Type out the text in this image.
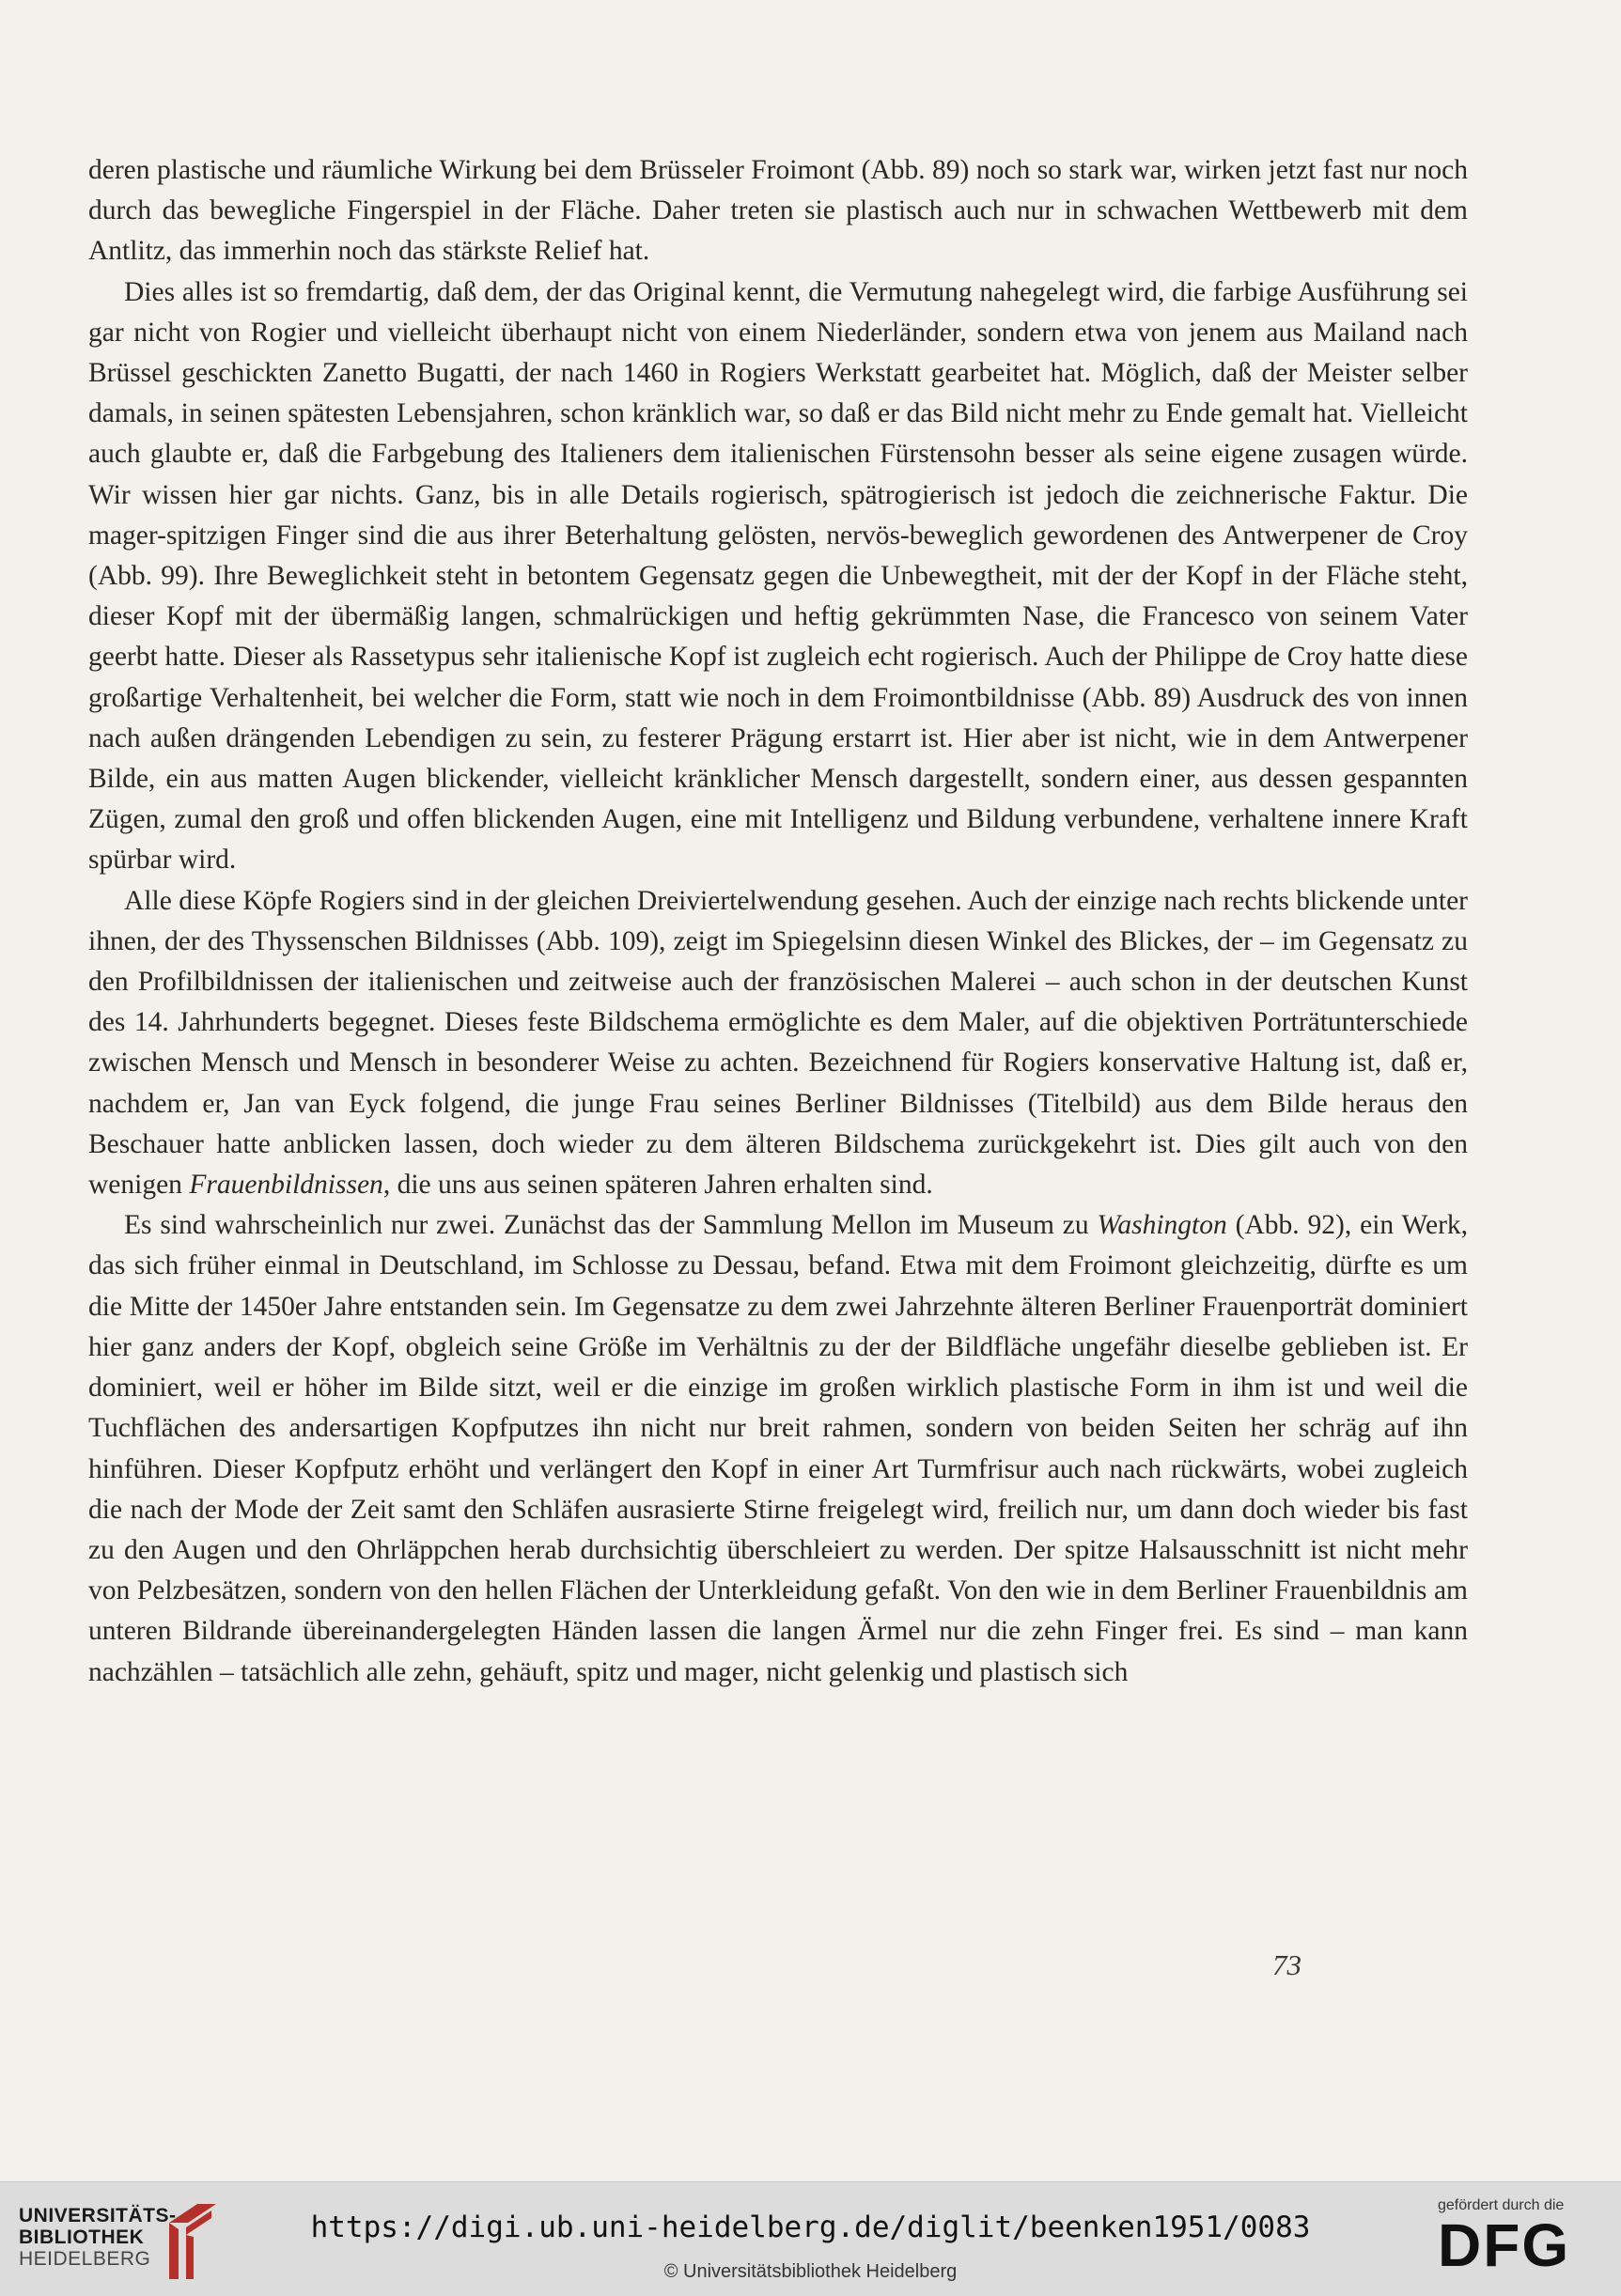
deren plastische und räumliche Wirkung bei dem Brüsseler Froimont (Abb. 89) noch so stark war, wirken jetzt fast nur noch durch das bewegliche Fingerspiel in der Fläche. Daher treten sie plastisch auch nur in schwachen Wettbewerb mit dem Antlitz, das immerhin noch das stärkste Relief hat.

Dies alles ist so fremdartig, daß dem, der das Original kennt, die Vermutung nahegelegt wird, die farbige Ausführung sei gar nicht von Rogier und vielleicht überhaupt nicht von einem Niederländer, sondern etwa von jenem aus Mailand nach Brüssel geschickten Zanetto Bugatti, der nach 1460 in Rogiers Werkstatt gearbeitet hat. Möglich, daß der Meister selber damals, in seinen spätesten Lebensjahren, schon kränklich war, so daß er das Bild nicht mehr zu Ende gemalt hat. Vielleicht auch glaubte er, daß die Farbgebung des Italieners dem italienischen Fürstensohn besser als seine eigene zusagen würde. Wir wissen hier gar nichts. Ganz, bis in alle Details rogierisch, spätrogierisch ist jedoch die zeichnerische Faktur. Die mager-spitzigen Finger sind die aus ihrer Beterhaltung gelösten, nervös-beweglich gewordenen des Antwerpener de Croy (Abb. 99). Ihre Beweglichkeit steht in betontem Gegensatz gegen die Unbewegtheit, mit der der Kopf in der Fläche steht, dieser Kopf mit der übermäßig langen, schmalrückigen und heftig gekrümmten Nase, die Francesco von seinem Vater geerbt hatte. Dieser als Rassetypus sehr italienische Kopf ist zugleich echt rogierisch. Auch der Philippe de Croy hatte diese großartige Verhaltenheit, bei welcher die Form, statt wie noch in dem Froimontbildnisse (Abb. 89) Ausdruck des von innen nach außen drängenden Lebendigen zu sein, zu festerer Prägung erstarrt ist. Hier aber ist nicht, wie in dem Antwerpener Bilde, ein aus matten Augen blickender, vielleicht kränklicher Mensch dargestellt, sondern einer, aus dessen gespannten Zügen, zumal den groß und offen blickenden Augen, eine mit Intelligenz und Bildung verbundene, verhaltene innere Kraft spürbar wird.

Alle diese Köpfe Rogiers sind in der gleichen Dreiviertelwendung gesehen. Auch der einzige nach rechts blickende unter ihnen, der des Thyssenschen Bildnisses (Abb. 109), zeigt im Spiegelsinn diesen Winkel des Blickes, der – im Gegensatz zu den Profilbildnissen der italienischen und zeitweise auch der französischen Malerei – auch schon in der deutschen Kunst des 14. Jahrhunderts begegnet. Dieses feste Bildschema ermöglichte es dem Maler, auf die objektiven Porträtunterschiede zwischen Mensch und Mensch in besonderer Weise zu achten. Bezeichnend für Rogiers konservative Haltung ist, daß er, nachdem er, Jan van Eyck folgend, die junge Frau seines Berliner Bildnisses (Titelbild) aus dem Bilde heraus den Beschauer hatte anblicken lassen, doch wieder zu dem älteren Bildschema zurückgekehrt ist. Dies gilt auch von den wenigen Frauenbildnissen, die uns aus seinen späteren Jahren erhalten sind.

Es sind wahrscheinlich nur zwei. Zunächst das der Sammlung Mellon im Museum zu Washington (Abb. 92), ein Werk, das sich früher einmal in Deutschland, im Schlosse zu Dessau, befand. Etwa mit dem Froimont gleichzeitig, dürfte es um die Mitte der 1450er Jahre entstanden sein. Im Gegensatze zu dem zwei Jahrzehnte älteren Berliner Frauenporträt dominiert hier ganz anders der Kopf, obgleich seine Größe im Verhältnis zu der der Bildfläche ungefähr dieselbe geblieben ist. Er dominiert, weil er höher im Bilde sitzt, weil er die einzige im großen wirklich plastische Form in ihm ist und weil die Tuchflächen des andersartigen Kopfputzes ihn nicht nur breit rahmen, sondern von beiden Seiten her schräg auf ihn hinführen. Dieser Kopfputz erhöht und verlängert den Kopf in einer Art Turmfrisur auch nach rückwärts, wobei zugleich die nach der Mode der Zeit samt den Schläfen ausrasierte Stirne freigelegt wird, freilich nur, um dann doch wieder bis fast zu den Augen und den Ohrläppchen herab durchsichtig überschleiert zu werden. Der spitze Halsausschnitt ist nicht mehr von Pelzbesätzen, sondern von den hellen Flächen der Unterkleidung gefaßt. Von den wie in dem Berliner Frauenbildnis am unteren Bildrande übereinandergelegten Händen lassen die langen Ärmel nur die zehn Finger frei. Es sind – man kann nachzählen – tatsächlich alle zehn, gehäuft, spitz und mager, nicht gelenkig und plastisch sich

73
UNIVERSITÄTS-
BIBLIOTHEK
HEIDELBERG
https://digi.ub.uni-heidelberg.de/diglit/beenken1951/0083
© Universitätsbibliothek Heidelberg
gefördert durch die
DFG
